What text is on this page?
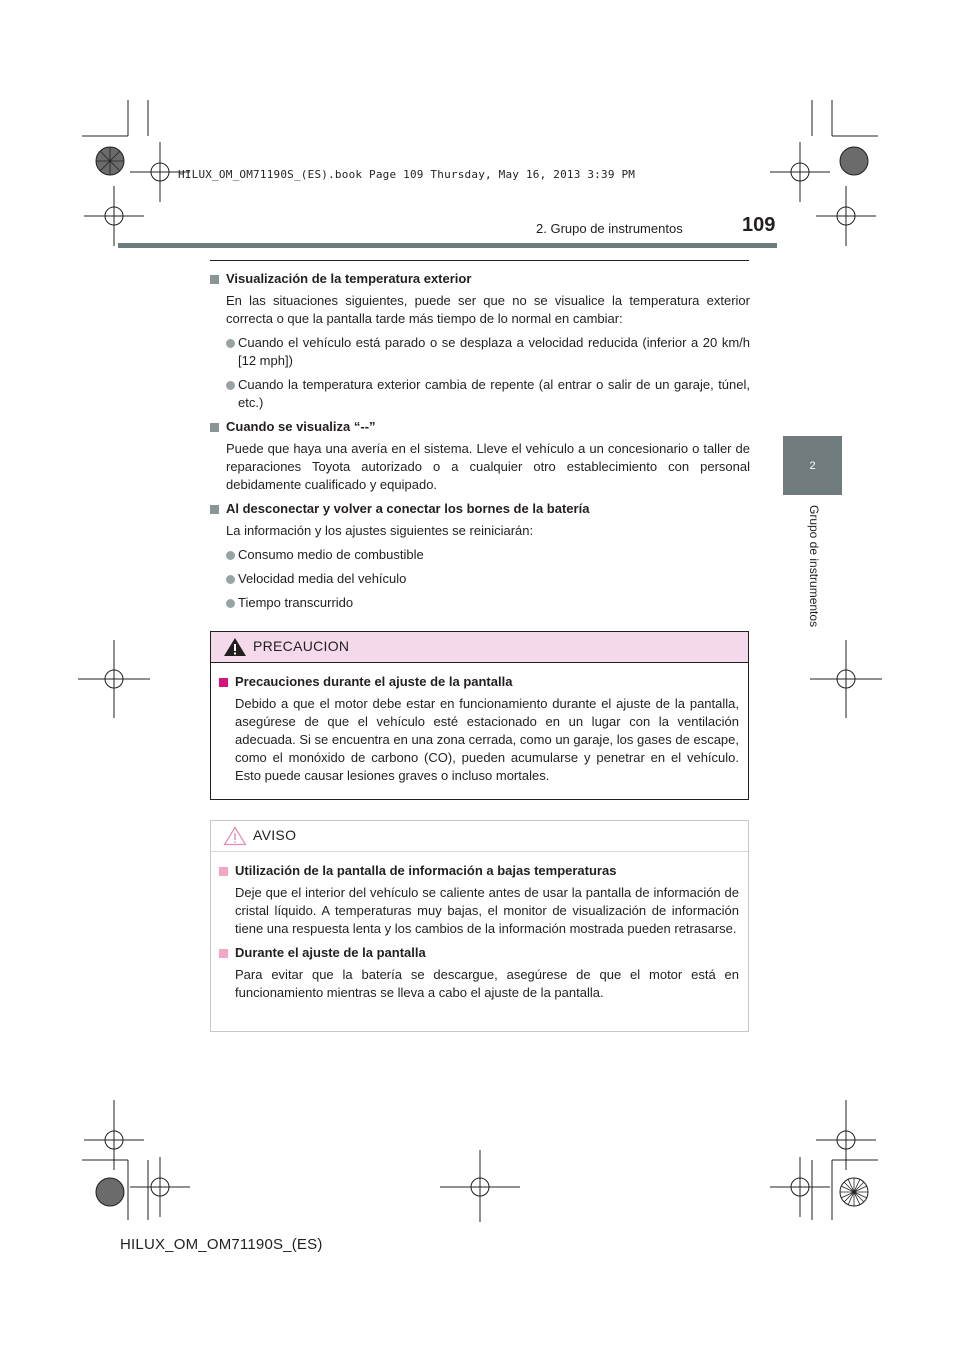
HILUX_OM_OM71190S_(ES).book Page 109 Thursday, May 16, 2013 3:39 PM
2. Grupo de instrumentos	109
2
Grupo de instrumentos
Visualización de la temperatura exterior
En las situaciones siguientes, puede ser que no se visualice la temperatura exterior correcta o que la pantalla tarde más tiempo de lo normal en cambiar:
Cuando el vehículo está parado o se desplaza a velocidad reducida (inferior a 20 km/h [12 mph])
Cuando la temperatura exterior cambia de repente (al entrar o salir de un garaje, túnel, etc.)
Cuando se visualiza “--”
Puede que haya una avería en el sistema. Lleve el vehículo a un concesionario o taller de reparaciones Toyota autorizado o a cualquier otro establecimiento con personal debidamente cualificado y equipado.
Al desconectar y volver a conectar los bornes de la batería
La información y los ajustes siguientes se reiniciarán:
Consumo medio de combustible
Velocidad media del vehículo
Tiempo transcurrido
PRECAUCION
Precauciones durante el ajuste de la pantalla
Debido a que el motor debe estar en funcionamiento durante el ajuste de la pantalla, asegúrese de que el vehículo esté estacionado en un lugar con la ventilación adecuada. Si se encuentra en una zona cerrada, como un garaje, los gases de escape, como el monóxido de carbono (CO), pueden acumularse y penetrar en el vehículo. Esto puede causar lesiones graves o incluso mortales.
AVISO
Utilización de la pantalla de información a bajas temperaturas
Deje que el interior del vehículo se caliente antes de usar la pantalla de información de cristal líquido. A temperaturas muy bajas, el monitor de visualización de información tiene una respuesta lenta y los cambios de la información mostrada pueden retrasarse.
Durante el ajuste de la pantalla
Para evitar que la batería se descargue, asegúrese de que el motor está en funcionamiento mientras se lleva a cabo el ajuste de la pantalla.
HILUX_OM_OM71190S_(ES)
